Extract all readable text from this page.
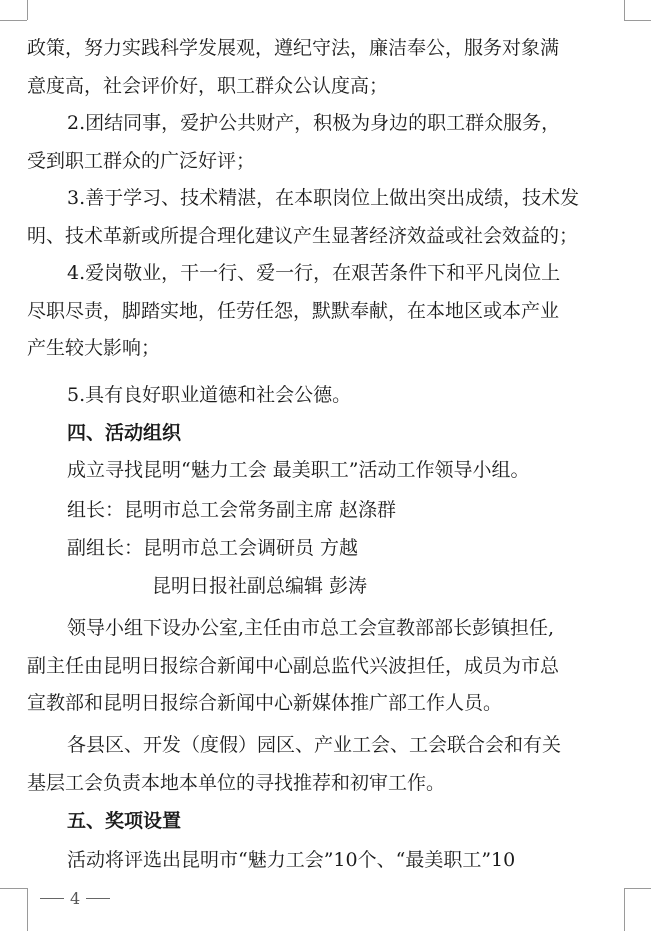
政策，努力实践科学发展观，遵纪守法，廉洁奉公，服务对象满
意度高，社会评价好，职工群众公认度高；
2.团结同事，爱护公共财产，积极为身边的职工群众服务，
受到职工群众的广泛好评；
3.善于学习、技术精湛，在本职岗位上做出突出成绩，技术发
明、技术革新或所提合理化建议产生显著经济效益或社会效益的；
4.爱岗敬业，干一行、爱一行，在艰苦条件下和平凡岗位上
尽职尽责，脚踏实地，任劳任怨，默默奉献，在本地区或本产业
产生较大影响；
5.具有良好职业道德和社会公德。
四、活动组织
成立寻找昆明“魅力工会 最美职工”活动工作领导小组。
组长：昆明市总工会常务副主席 赵涤群
副组长：昆明市总工会调研员 方越
昆明日报社副总编辑 彭涛
领导小组下设办公室,主任由市总工会宣教部部长彭镇担任,
副主任由昆明日报综合新闻中心副总监代兴波担任，成员为市总
宣教部和昆明日报综合新闻中心新媒体推广部工作人员。
各县区、开发（度假）园区、产业工会、工会联合会和有关
基层工会负责本地本单位的寻找推荐和初审工作。
五、奖项设置
活动将评选出昆明市“魅力工会”10个、“最美职工”10
4
